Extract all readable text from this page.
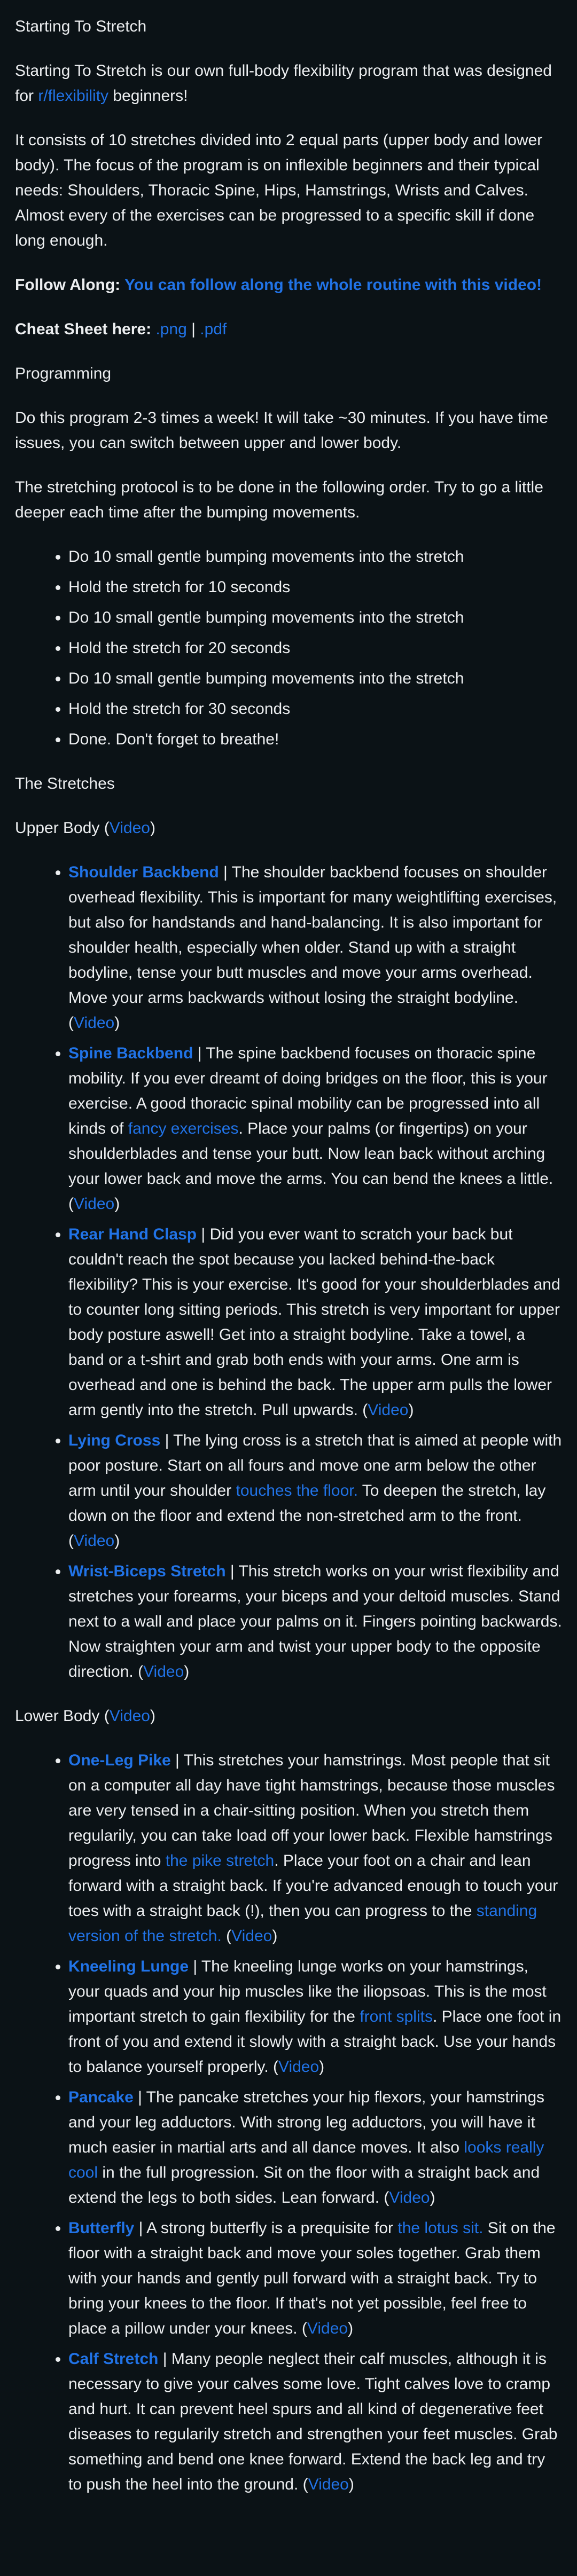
Starting To Stretch
Starting To Stretch is our own full-body flexibility program that was designed for r/flexibility beginners!
It consists of 10 stretches divided into 2 equal parts (upper body and lower body). The focus of the program is on inflexible beginners and their typical needs: Shoulders, Thoracic Spine, Hips, Hamstrings, Wrists and Calves. Almost every of the exercises can be progressed to a specific skill if done long enough.
Follow Along: You can follow along the whole routine with this video!
Cheat Sheet here: .png | .pdf
Programming
Do this program 2-3 times a week! It will take ~30 minutes. If you have time issues, you can switch between upper and lower body.
The stretching protocol is to be done in the following order. Try to go a little deeper each time after the bumping movements.
• Do 10 small gentle bumping movements into the stretch
• Hold the stretch for 10 seconds
• Do 10 small gentle bumping movements into the stretch
• Hold the stretch for 20 seconds
• Do 10 small gentle bumping movements into the stretch
• Hold the stretch for 30 seconds
• Done. Don't forget to breathe!
The Stretches
Upper Body (Video)
• Shoulder Backbend | The shoulder backbend focuses on shoulder overhead flexibility. This is important for many weightlifting exercises, but also for handstands and hand-balancing. It is also important for shoulder health, especially when older. Stand up with a straight bodyline, tense your butt muscles and move your arms overhead. Move your arms backwards without losing the straight bodyline. (Video)
• Spine Backbend | The spine backbend focuses on thoracic spine mobility. If you ever dreamt of doing bridges on the floor, this is your exercise. A good thoracic spinal mobility can be progressed into all kinds of fancy exercises. Place your palms (or fingertips) on your shoulderblades and tense your butt. Now lean back without arching your lower back and move the arms. You can bend the knees a little. (Video)
• Rear Hand Clasp | Did you ever want to scratch your back but couldn't reach the spot because you lacked behind-the-back flexibility? This is your exercise. It's good for your shoulderblades and to counter long sitting periods. This stretch is very important for upper body posture aswell! Get into a straight bodyline. Take a towel, a band or a t-shirt and grab both ends with your arms. One arm is overhead and one is behind the back. The upper arm pulls the lower arm gently into the stretch. Pull upwards. (Video)
• Lying Cross | The lying cross is a stretch that is aimed at people with poor posture. Start on all fours and move one arm below the other arm until your shoulder touches the floor. To deepen the stretch, lay down on the floor and extend the non-stretched arm to the front. (Video)
• Wrist-Biceps Stretch | This stretch works on your wrist flexibility and stretches your forearms, your biceps and your deltoid muscles. Stand next to a wall and place your palms on it. Fingers pointing backwards. Now straighten your arm and twist your upper body to the opposite direction. (Video)
Lower Body (Video)
• One-Leg Pike | This stretches your hamstrings. Most people that sit on a computer all day have tight hamstrings, because those muscles are very tensed in a chair-sitting position. When you stretch them regularily, you can take load off your lower back. Flexible hamstrings progress into the pike stretch. Place your foot on a chair and lean forward with a straight back. If you're advanced enough to touch your toes with a straight back (!), then you can progress to the standing version of the stretch. (Video)
• Kneeling Lunge | The kneeling lunge works on your hamstrings, your quads and your hip muscles like the iliopsoas. This is the most important stretch to gain flexibility for the front splits. Place one foot in front of you and extend it slowly with a straight back. Use your hands to balance yourself properly. (Video)
• Pancake | The pancake stretches your hip flexors, your hamstrings and your leg adductors. With strong leg adductors, you will have it much easier in martial arts and all dance moves. It also looks really cool in the full progression. Sit on the floor with a straight back and extend the legs to both sides. Lean forward. (Video)
• Butterfly | A strong butterfly is a prequisite for the lotus sit. Sit on the floor with a straight back and move your soles together. Grab them with your hands and gently pull forward with a straight back. Try to bring your knees to the floor. If that's not yet possible, feel free to place a pillow under your knees. (Video)
• Calf Stretch | Many people neglect their calf muscles, although it is necessary to give your calves some love. Tight calves love to cramp and hurt. It can prevent heel spurs and all kind of degenerative feet diseases to regularily stretch and strengthen your feet muscles. Grab something and bend one knee forward. Extend the back leg and try to push the heel into the ground. (Video)
